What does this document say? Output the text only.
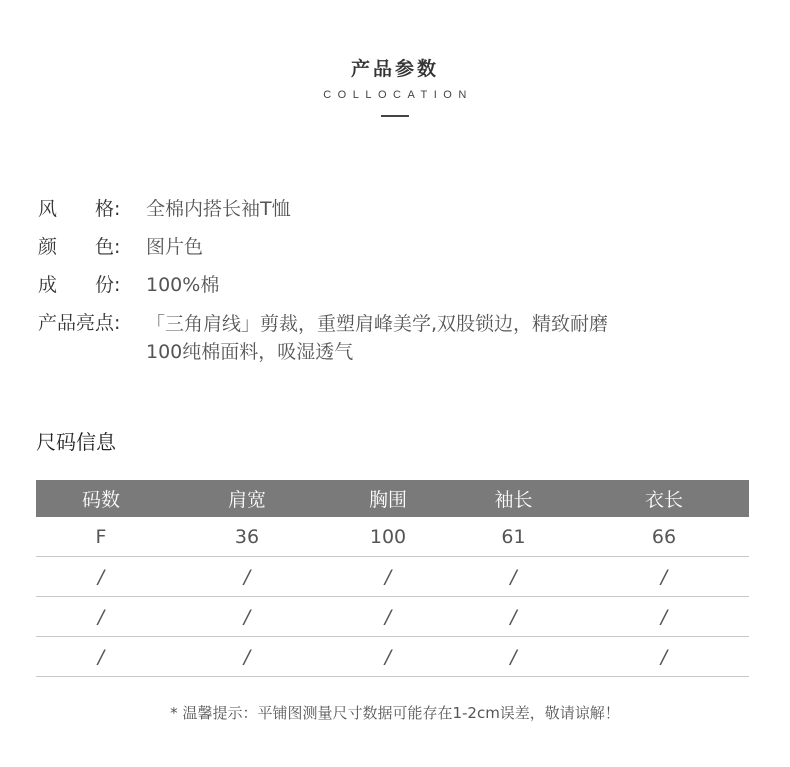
产品参数
COLLOCATION
风 格: 全棉内搭长袖T恤
颜 色: 图片色
成 份: 100%棉
产品亮点:	「三角肩线」剪裁，重塑肩峰美学,双股锁边，精致耐磨
100纯棉面料，吸湿透气
尺码信息
码数	肩宽	胸围	袖长	衣长
F	36	100	61	66
/	/	/	/	/
/	/	/	/	/
/	/	/	/	/
* 温馨提示：平铺图测量尺寸数据可能存在1-2cm误差，敬请谅解！
